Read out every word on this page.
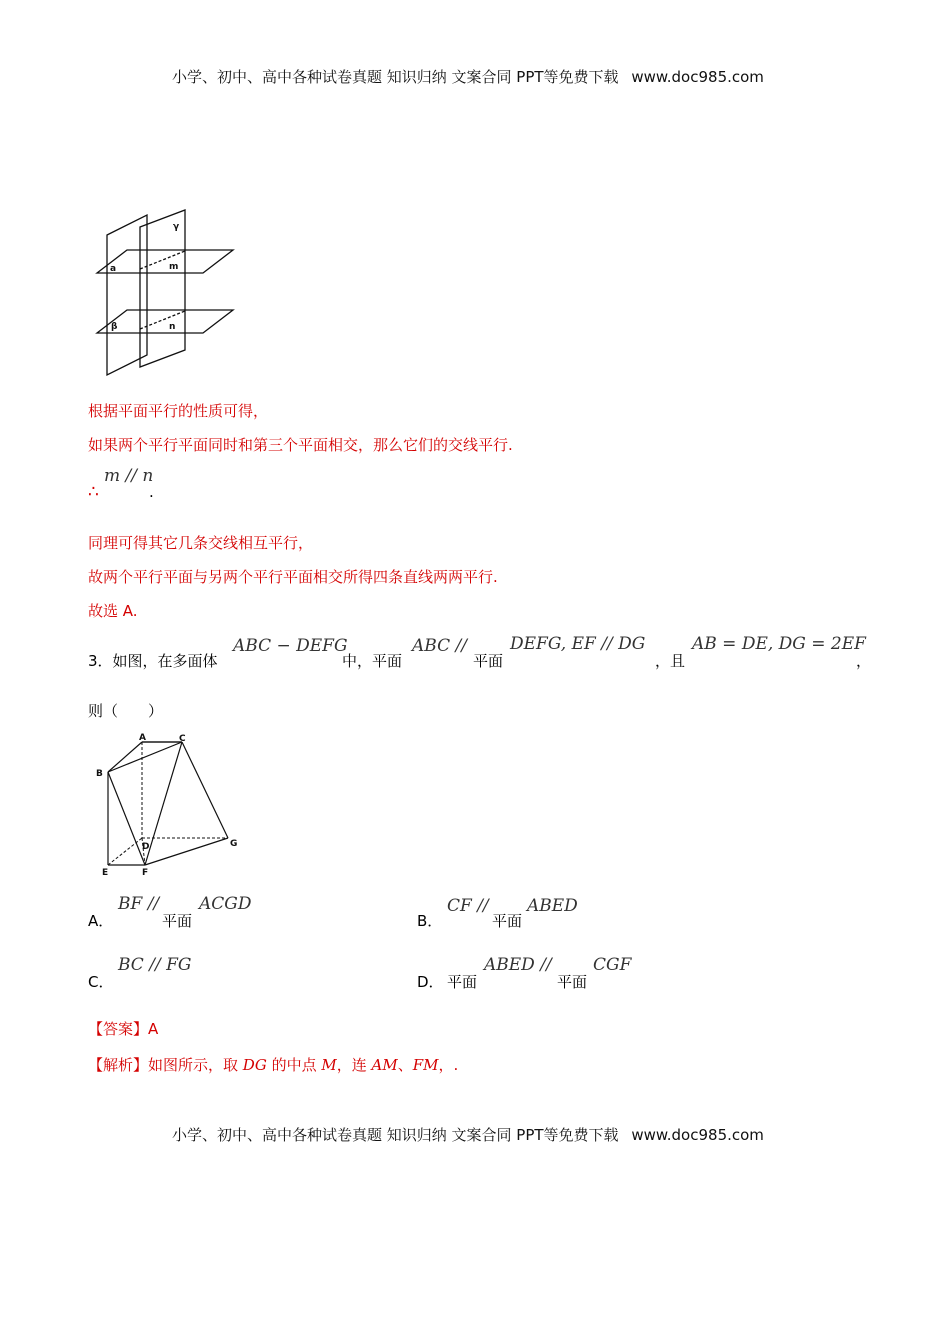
小学、初中、高中各种试卷真题 知识归纳 文案合同 PPT等免费下载 www.doc985.com
a
γ
m
β	n
根据平面平行的性质可得，
如果两个平行平面同时和第三个平面相交，那么它们的交线平行.
∴
m // n
.
同理可得其它几条交线相互平行，
故两个平行平面与另两个平行平面相交所得四条直线两两平行.
故选 A.
3．如图，在多面体
ABC − DEFG
中，平面
ABC //
平面
DEFG, EF // DG
，且
AB = DE, DG = 2EF
，
则（　　）
A
B
C
D
E	F
G
A．
BF //
平面
ACGD
B．
CF //
平面
ABED
C．
BC // FG
D． 平面
ABED //
平面
CGF
【答案】A
【解析】如图所示，取 DG 的中点 M，连 AM、FM，.
小学、初中、高中各种试卷真题 知识归纳 文案合同 PPT等免费下载 www.doc985.com
